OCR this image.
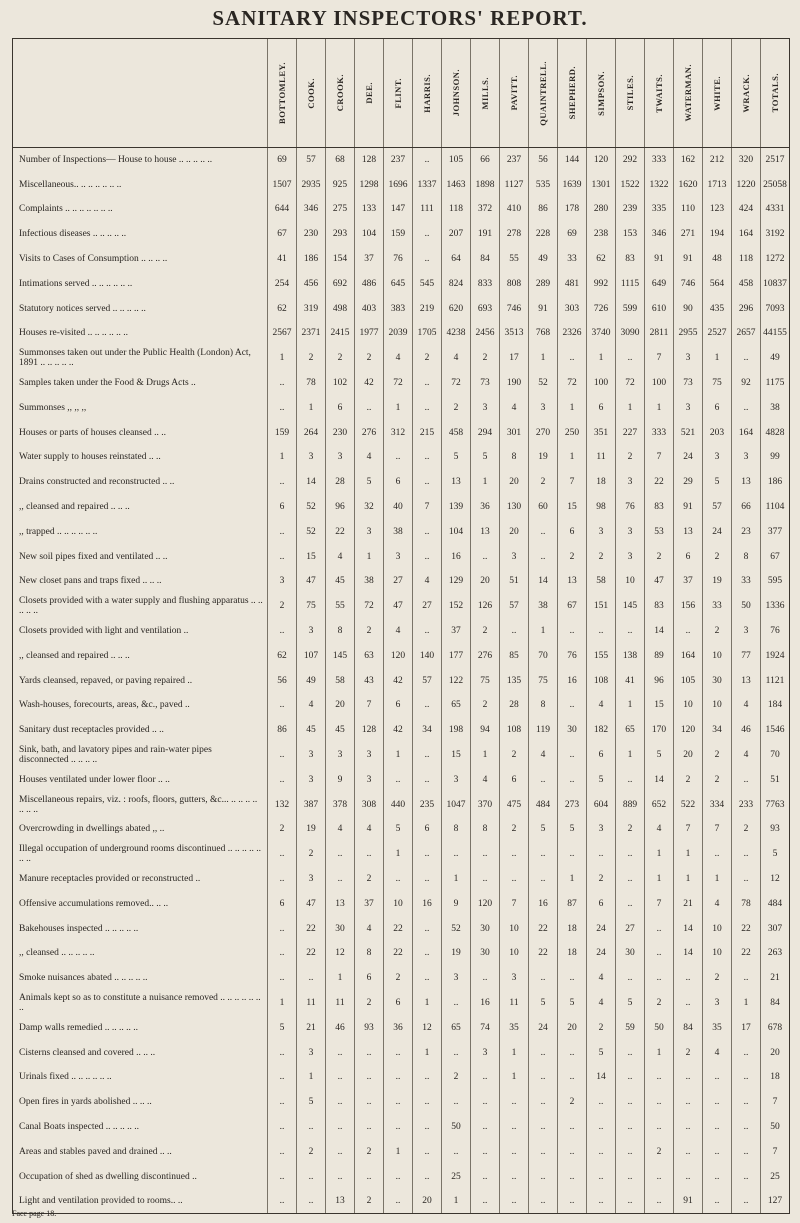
SANITARY INSPECTORS' REPORT.

	BOTTOMLEY.	COOK.	CROOK.	DEE.	FLINT.	HARRIS.	JOHNSON.	MILLS.	PAVITT.	QUAINTRELL.	SHEPHERD.	SIMPSON.	STILES.	TWAITS.	WATERMAN.	WHITE.	WRACK.	TOTALS.

Number of Inspections— House to house .. .. .. .. ..	69	57	68	128	237	..	105	66	237	56	144	120	292	333	162	212	320	2517
Miscellaneous.. .. .. .. .. .. ..	1507	2935	925	1298	1696	1337	1463	1898	1127	535	1639	1301	1522	1322	1620	1713	1220	25058
Complaints .. .. .. .. .. .. ..	644	346	275	133	147	111	118	372	410	86	178	280	239	335	110	123	424	4331
Infectious diseases .. .. .. .. ..	67	230	293	104	159	..	207	191	278	228	69	238	153	346	271	194	164	3192
Visits to Cases of Consumption .. .. .. ..	41	186	154	37	76	..	64	84	55	49	33	62	83	91	91	48	118	1272
Intimations served .. .. .. .. .. ..	254	456	692	486	645	545	824	833	808	289	481	992	1115	649	746	564	458	10837
Statutory notices served .. .. .. .. ..	62	319	498	403	383	219	620	693	746	91	303	726	599	610	90	435	296	7093
Houses re-visited .. .. .. .. .. ..	2567	2371	2415	1977	2039	1705	4238	2456	3513	768	2326	3740	3090	2811	2955	2527	2657	44155
Summonses taken out under the Public Health (London) Act, 1891 .. .. .. .. ..	1	2	2	2	4	2	4	2	17	1	..	1	..	7	3	1	..	49
Samples taken under the Food & Drugs Acts ..	..	78	102	42	72	..	72	73	190	52	72	100	72	100	73	75	92	1175
Summonses ,, ,, ,,	..	1	6	..	1	..	2	3	4	3	1	6	1	1	3	6	..	38
Houses or parts of houses cleansed .. ..	159	264	230	276	312	215	458	294	301	270	250	351	227	333	521	203	164	4828
Water supply to houses reinstated .. ..	1	3	3	4	..	..	5	5	8	19	1	11	2	7	24	3	3	99
Drains constructed and reconstructed .. ..	..	14	28	5	6	..	13	1	20	2	7	18	3	22	29	5	13	186
,, cleansed and repaired .. .. ..	6	52	96	32	40	7	139	36	130	60	15	98	76	83	91	57	66	1104
,, trapped .. .. .. .. .. ..	..	52	22	3	38	..	104	13	20	..	6	3	3	53	13	24	23	377
New soil pipes fixed and ventilated .. ..	..	15	4	1	3	..	16	..	3	..	2	2	3	2	6	2	8	67
New closet pans and traps fixed .. .. ..	3	47	45	38	27	4	129	20	51	14	13	58	10	47	37	19	33	595
Closets provided with a water supply and flushing apparatus .. .. .. .. ..	2	75	55	72	47	27	152	126	57	38	67	151	145	83	156	33	50	1336
Closets provided with light and ventilation ..	..	3	8	2	4	..	37	2	..	1	..	..	..	14	..	2	3	76
,, cleansed and repaired .. .. ..	62	107	145	63	120	140	177	276	85	70	76	155	138	89	164	10	77	1924
Yards cleansed, repaved, or paving repaired ..	56	49	58	43	42	57	122	75	135	75	16	108	41	96	105	30	13	1121
Wash-houses, forecourts, areas, &c., paved ..	..	4	20	7	6	..	65	2	28	8	..	4	1	15	10	10	4	184
Sanitary dust receptacles provided .. ..	86	45	45	128	42	34	198	94	108	119	30	182	65	170	120	34	46	1546
Sink, bath, and lavatory pipes and rain-water pipes disconnected .. .. .. ..	..	3	3	3	1	..	15	1	2	4	..	6	1	5	20	2	4	70
Houses ventilated under lower floor .. ..	..	3	9	3	..	..	3	4	6	..	..	5	..	14	2	2	..	51
Miscellaneous repairs, viz. : roofs, floors, gutters, &c... .. .. .. .. .. .. ..	132	387	378	308	440	235	1047	370	475	484	273	604	889	652	522	334	233	7763
Overcrowding in dwellings abated ,, ..	2	19	4	4	5	6	8	8	2	5	5	3	2	4	7	7	2	93
Illegal occupation of underground rooms discontinued .. .. .. .. .. .. ..	..	2	..	..	1	..	..	..	..	..	..	..	..	1	1	..	..	5
Manure receptacles provided or reconstructed ..	..	3	..	2	..	..	1	..	..	..	1	2	..	1	1	1	..	12
Offensive accumulations removed.. .. ..	6	47	13	37	10	16	9	120	7	16	87	6	..	7	21	4	78	484
Bakehouses inspected .. .. .. .. ..	..	22	30	4	22	..	52	30	10	22	18	24	27	..	14	10	22	307
,, cleansed .. .. .. .. ..	..	22	12	8	22	..	19	30	10	22	18	24	30	..	14	10	22	263
Smoke nuisances abated .. .. .. .. ..	..	..	1	6	2	..	3	..	3	..	..	4	..	..	..	2	..	21
Animals kept so as to constitute a nuisance removed .. .. .. .. .. .. ..	1	11	11	2	6	1	..	16	11	5	5	4	5	2	..	3	1	84
Damp walls remedied .. .. .. .. ..	5	21	46	93	36	12	65	74	35	24	20	2	59	50	84	35	17	678
Cisterns cleansed and covered .. .. ..	..	3	..	..	..	1	..	3	1	..	..	5	..	1	2	4	..	20
Urinals fixed .. .. .. .. .. ..	..	1	..	..	..	..	2	..	1	..	..	14	..	..	..	..	..	18
Open fires in yards abolished .. .. ..	..	5	..	..	..	..	..	..	..	..	2	..	..	..	..	..	..	7
Canal Boats inspected .. .. .. .. ..	..	..	..	..	..	..	50	..	..	..	..	..	..	..	..	..	..	50
Areas and stables paved and drained .. ..	..	2	..	2	1	..	..	..	..	..	..	..	..	2	..	..	..	7
Occupation of shed as dwelling discontinued ..	..	..	..	..	..	..	25	..	..	..	..	..	..	..	..	..	..	25
Light and ventilation provided to rooms.. ..	..	..	13	2	..	20	1	..	..	..	..	..	..	..	91	..	..	127
Face page 18.
